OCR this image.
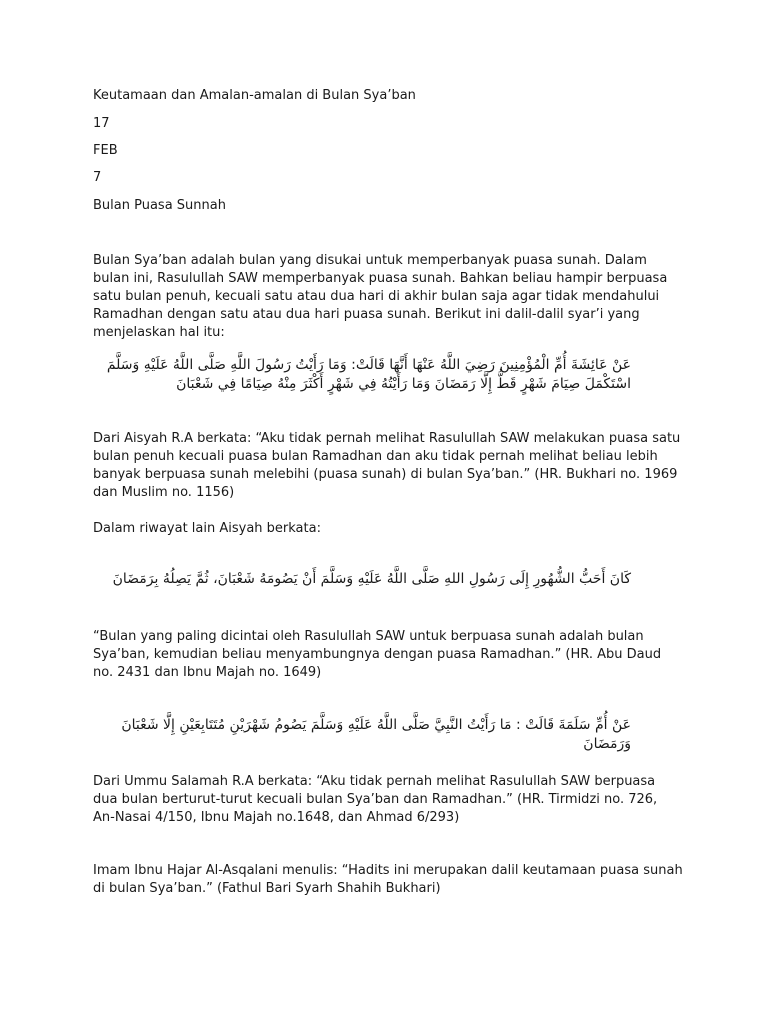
Keutamaan dan Amalan-amalan di Bulan Sya’ban

17

FEB

7

Bulan Puasa Sunnah

Bulan Sya’ban adalah bulan yang disukai untuk memperbanyak puasa sunah. Dalam bulan ini, Rasulullah SAW memperbanyak puasa sunah. Bahkan beliau hampir berpuasa satu bulan penuh, kecuali satu atau dua hari di akhir bulan saja agar tidak mendahului Ramadhan dengan satu atau dua hari puasa sunah. Berikut ini dalil-dalil syar’i yang menjelaskan hal itu:

عَنْ عَائِشَةَ أُمِّ الْمُؤْمِنِينَ رَضِيَ اللَّهُ عَنْهَا أَنَّهَا قَالَتْ: وَمَا رَأَيْتُ رَسُولَ اللَّهِ صَلَّى اللَّهُ عَلَيْهِ وَسَلَّمَ اسْتَكْمَلَ صِيَامَ شَهْرٍ قَطُّ إِلَّا رَمَضَانَ وَمَا رَأَيْتُهُ فِي شَهْرٍ أَكْثَرَ مِنْهُ صِيَامًا فِي شَعْبَانَ

Dari Aisyah R.A berkata: “Aku tidak pernah melihat Rasulullah SAW melakukan puasa satu bulan penuh kecuali puasa bulan Ramadhan dan aku tidak pernah melihat beliau lebih banyak berpuasa sunah melebihi (puasa sunah) di bulan Sya’ban.” (HR. Bukhari no. 1969 dan Muslim no. 1156)

Dalam riwayat lain Aisyah berkata:

كَانَ أَحَبُّ الشُّهُورِ إِلَى رَسُولِ اللهِ صَلَّى اللَّهُ عَلَيْهِ وَسَلَّمَ أَنْ يَصُومَهُ شَعْبَانَ، ثُمَّ يَصِلُهُ بِرَمَضَانَ

“Bulan yang paling dicintai oleh Rasulullah SAW untuk berpuasa sunah adalah bulan Sya’ban, kemudian beliau menyambungnya dengan puasa Ramadhan.” (HR. Abu Daud no. 2431 dan Ibnu Majah no. 1649)

عَنْ أُمِّ سَلَمَةَ قَالَتْ : مَا رَأَيْتُ النَّبِيَّ صَلَّى اللَّهُ عَلَيْهِ وَسَلَّمَ يَصُومُ شَهْرَيْنِ مُتَتَابِعَيْنِ إِلَّا شَعْبَانَ وَرَمَضَانَ

Dari Ummu Salamah R.A berkata: “Aku tidak pernah melihat Rasulullah SAW berpuasa dua bulan berturut-turut kecuali bulan Sya’ban dan Ramadhan.” (HR. Tirmidzi no. 726, An-Nasai 4/150, Ibnu Majah no.1648, dan Ahmad 6/293)

Imam Ibnu Hajar Al-Asqalani menulis: “Hadits ini merupakan dalil keutamaan puasa sunah di bulan Sya’ban.” (Fathul Bari Syarh Shahih Bukhari)
